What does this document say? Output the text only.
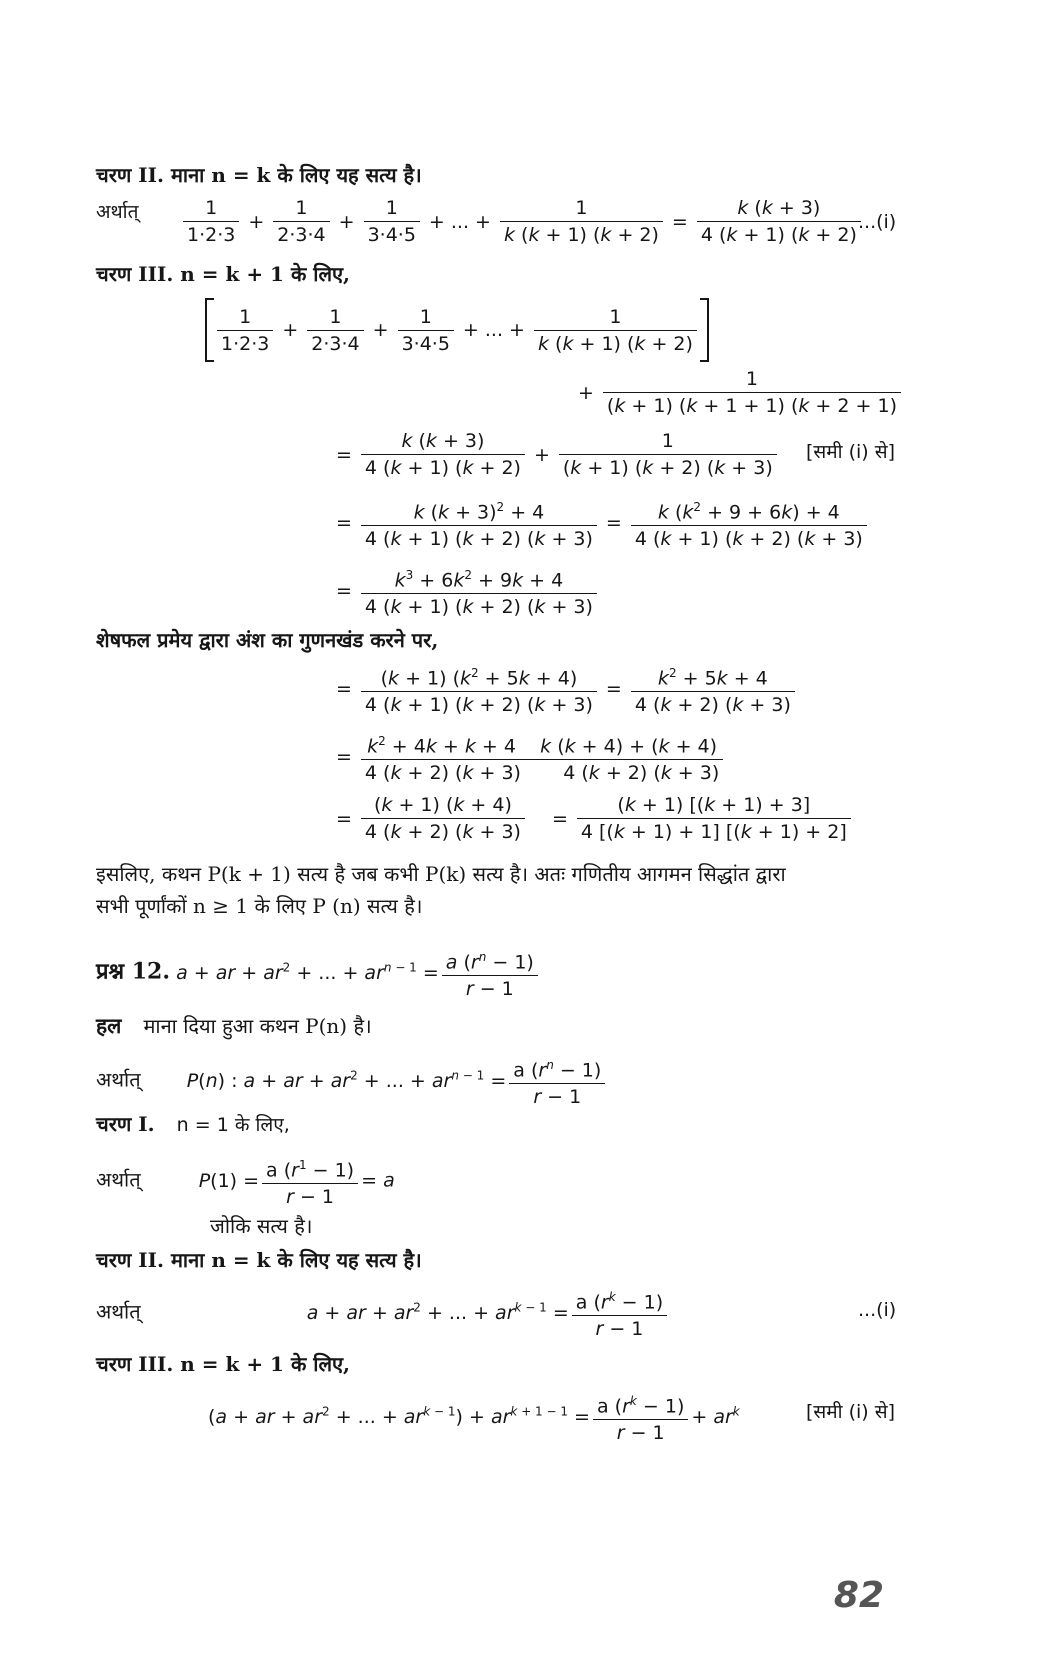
चरण II. माना n = k के लिए यह सत्य है।
अर्थात् $\frac{1}{1\cdot 2\cdot 3} + \frac{1}{2\cdot 3\cdot 4} + \frac{1}{3\cdot 4\cdot 5}$ + ... + $\frac{1}{k (k + 1) (k + 2)} = \frac{k (k + 3)}{4 (k + 1) (k + 2)}$
...(i)
चरण III. n = k + 1 के लिए,
$\frac{1}{1\cdot 2\cdot 3} + \frac{1}{2\cdot 3\cdot 4} + \frac{1}{3\cdot 4\cdot 5}$ + ... + $\frac{1}{k (k + 1) (k + 2)}$
+ $\frac{1}{(k + 1) (k + 1 + 1) (k + 2 + 1)}$
= $\frac{k (k + 3)}{4 (k + 1) (k + 2)} + \frac{1}{(k + 1) (k + 2) (k + 3)}$ [समी (i) से]
= $\frac{k (k + 3)^2 + 4}{4 (k + 1) (k + 2) (k + 3)} = \frac{k (k^2 + 9 + 6k) + 4}{4 (k + 1) (k + 2) (k + 3)}$
= $\frac{k^3 + 6k^2 + 9k + 4}{4 (k + 1) (k + 2) (k + 3)}$
शेषफल प्रमेय द्वारा अंश का गुणनखंड करने पर,
= $\frac{(k + 1) (k^2 + 5k + 4)}{4 (k + 1) (k + 2) (k + 3)} = \frac{k^2 + 5k + 4}{4 (k + 2) (k + 3)}$
= $\frac{k^2 + 4k + k + 4 k (k + 4) + (k + 4)}{4 (k + 2) (k + 3) 4 (k + 2) (k + 3)}$
= $\frac{(k + 1) (k + 4)}{4 (k + 2) (k + 3)} = \frac{(k + 1) [(k + 1) + 3]}{4 [(k + 1) + 1] [(k + 1) + 2]}$
इसलिए, कथन P(k + 1) सत्य है जब कभी P(k) सत्य है। अतः गणितीय आगमन सिद्धांत द्वारा
सभी पूर्णांकों n ≥ 1 के लिए P (n) सत्य है।
प्रश्न 12. a + ar + $ar^2$ + ... + $ar^{n - 1} = \frac{a (r^n - 1)}{r - 1}$
हल माना दिया हुआ कथन P(n) है।
अर्थात् P(n) : a + ar + $ar^2$ + ... + $ar^{n - 1} = \frac{a (r^n - 1)}{r - 1}$
चरण I. n = 1 के लिए,
अर्थात्	$P(1) = \frac{a (r^1 - 1)}{r - 1} = a$
जोकि सत्य है।
चरण II. माना n = k के लिए यह सत्य है।
अर्थात्	a + ar + $ar^2$ + ... + $ar^{k - 1} = \frac{a (r^k - 1)}{r - 1}$	...(i)
चरण III. n = k + 1 के लिए,
(a + ar + $ar^2$ + ... + $ar^{k - 1}) + ar^{k + 1 - 1} = \frac{a (r^k - 1)}{r - 1} + ar^k$	[समी (i) से]
82
